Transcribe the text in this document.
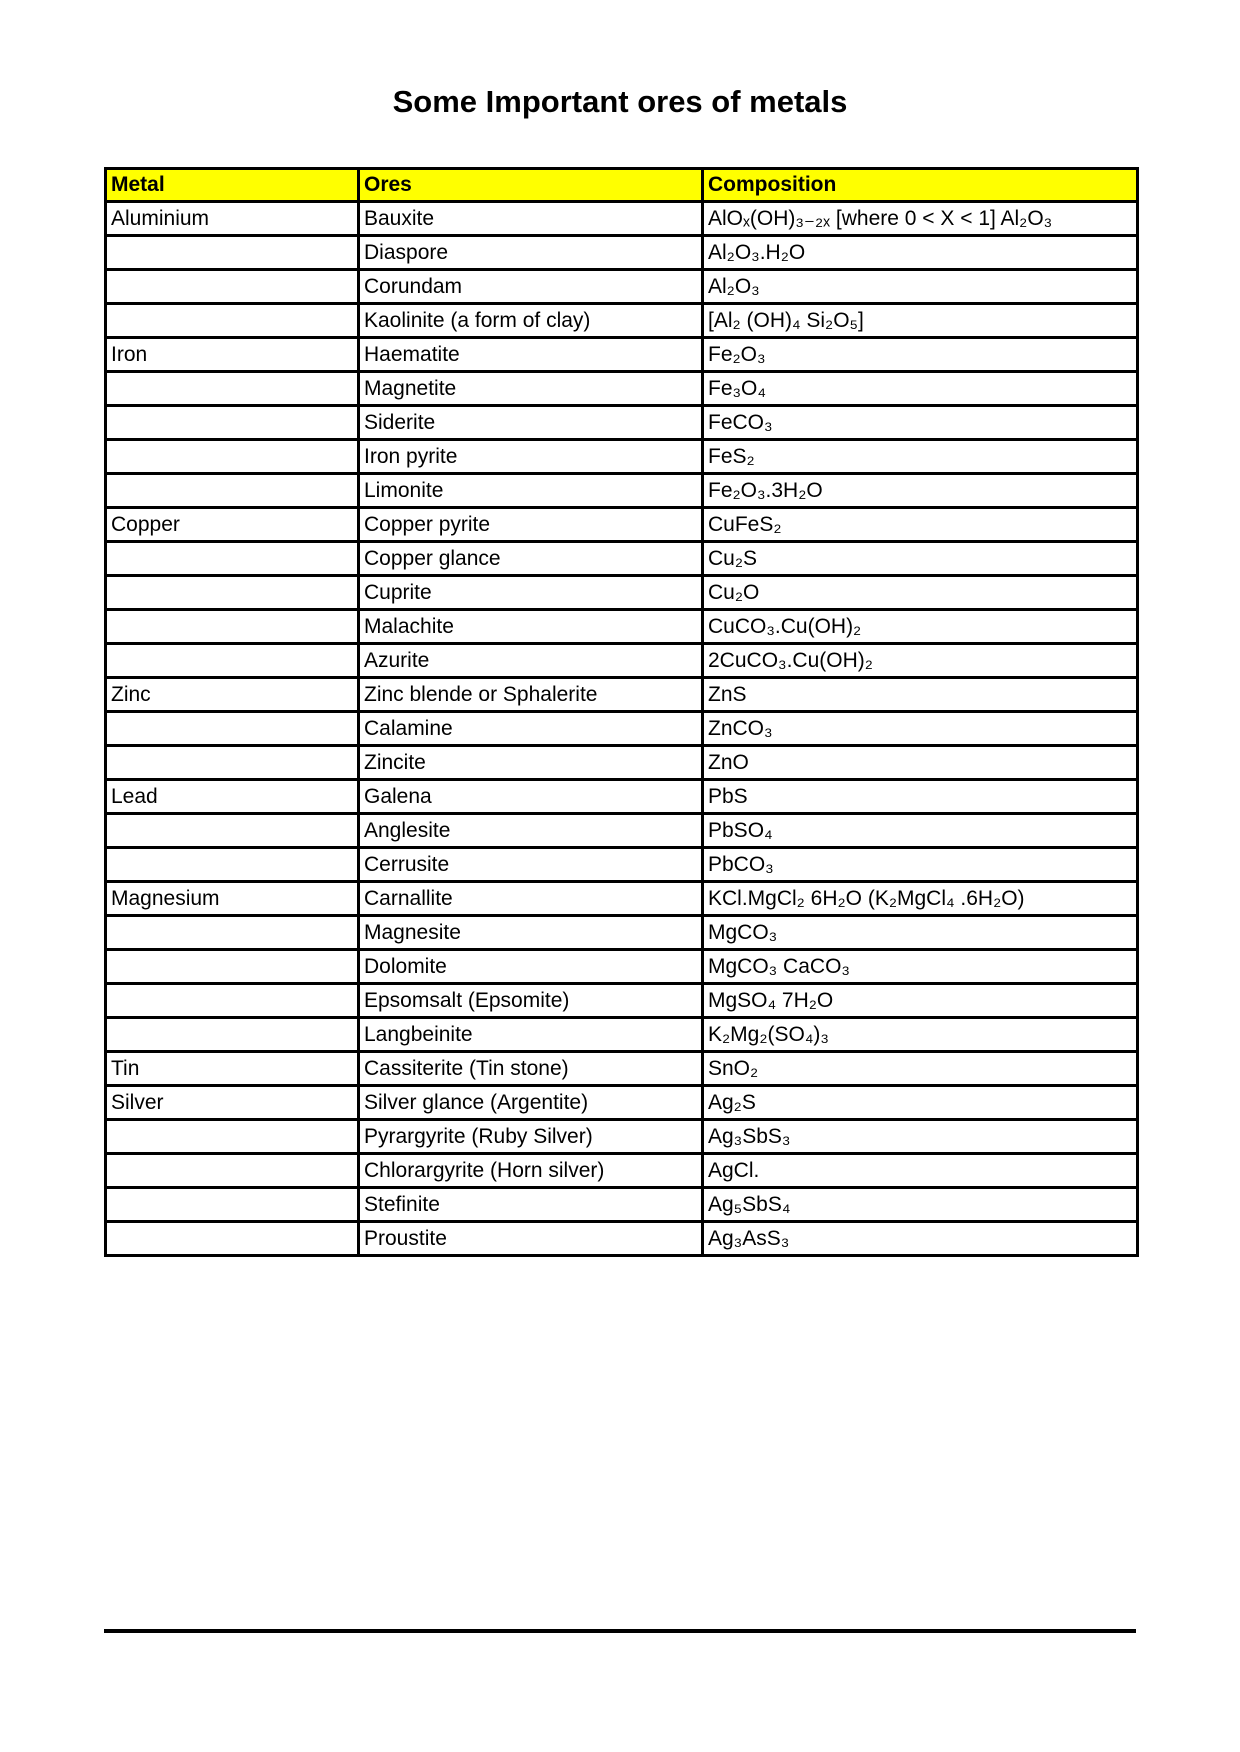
Some Important ores of metals
Metal	Ores	Composition
Aluminium	Bauxite	AlOₓ(OH)₃₋₂ₓ [where 0 < X < 1] Al₂O₃
	Diaspore	Al₂O₃.H₂O
	Corundam	Al₂O₃
	Kaolinite (a form of clay)	[Al₂ (OH)₄ Si₂O₅]
Iron	Haematite	Fe₂O₃
	Magnetite	Fe₃O₄
	Siderite	FeCO₃
	Iron pyrite	FeS₂
	Limonite	Fe₂O₃.3H₂O
Copper	Copper pyrite	CuFeS₂
	Copper glance	Cu₂S
	Cuprite	Cu₂O
	Malachite	CuCO₃.Cu(OH)₂
	Azurite	2CuCO₃.Cu(OH)₂
Zinc	Zinc blende or Sphalerite	ZnS
	Calamine	ZnCO₃
	Zincite	ZnO
Lead	Galena	PbS
	Anglesite	PbSO₄
	Cerrusite	PbCO₃
Magnesium	Carnallite	KCl.MgCl₂ 6H₂O (K₂MgCl₄ .6H₂O)
	Magnesite	MgCO₃
	Dolomite	MgCO₃ CaCO₃
	Epsomsalt (Epsomite)	MgSO₄ 7H₂O
	Langbeinite	K₂Mg₂(SO₄)₃
Tin	Cassiterite (Tin stone)	SnO₂
Silver	Silver glance (Argentite)	Ag₂S
	Pyrargyrite (Ruby Silver)	Ag₃SbS₃
	Chlorargyrite (Horn silver)	AgCl.
	Stefinite	Ag₅SbS₄
	Proustite	Ag₃AsS₃
